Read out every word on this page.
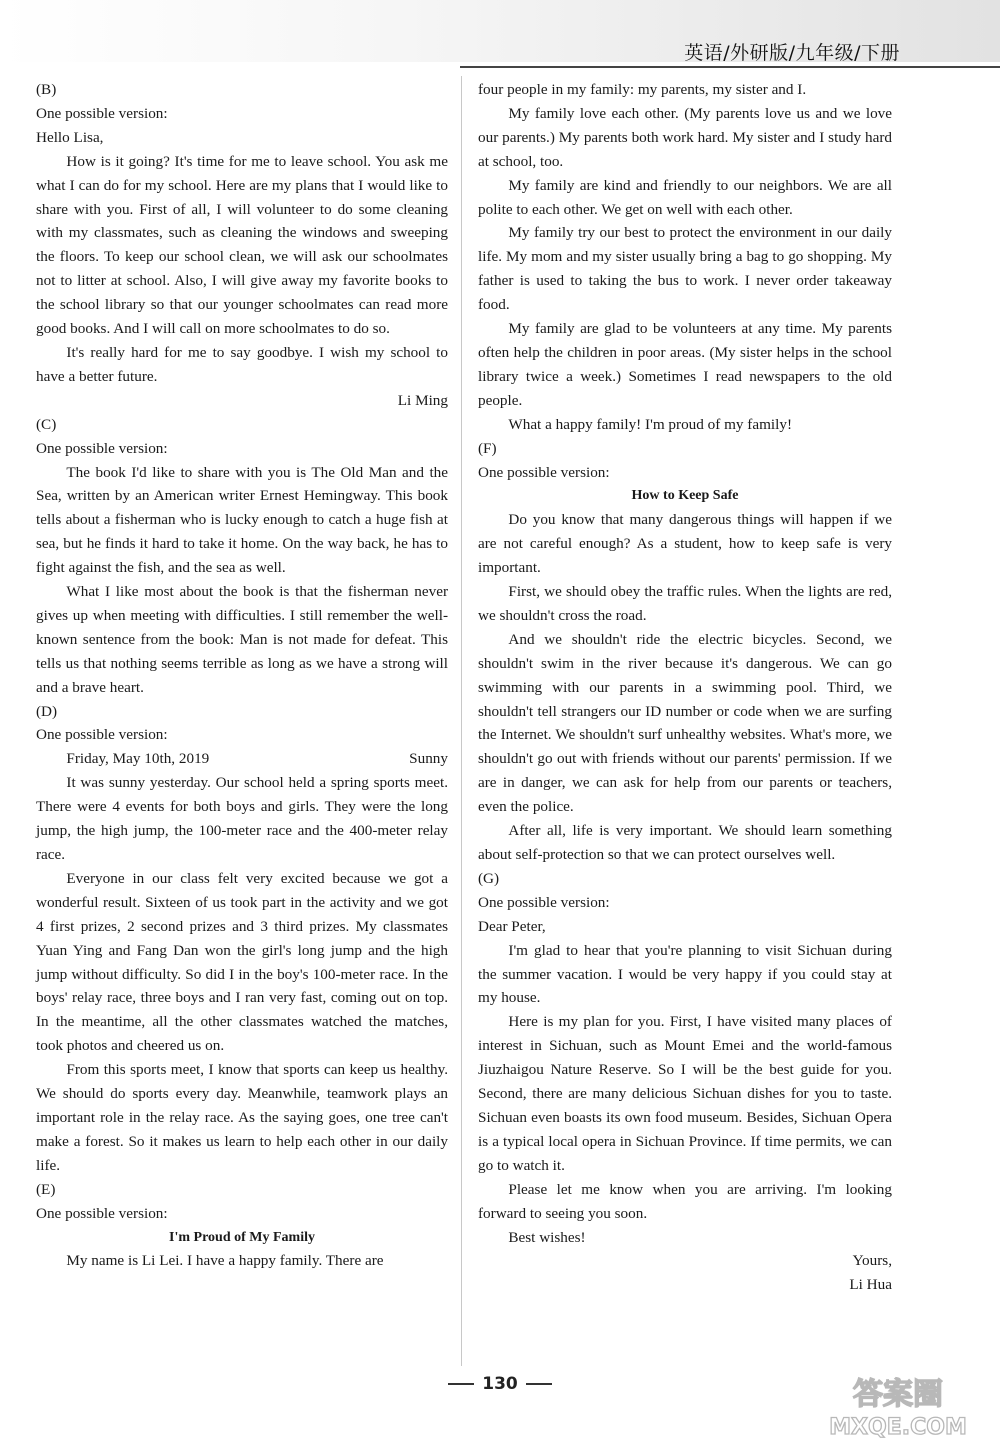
英语/外研版/九年级/下册

(B)

One possible version:

Hello Lisa,

How is it going? It's time for me to leave school. You ask me what I can do for my school. Here are my plans that I would like to share with you. First of all, I will volunteer to do some cleaning with my classmates, such as cleaning the windows and sweeping the floors. To keep our school clean, we will ask our schoolmates not to litter at school. Also, I will give away my favorite books to the school library so that our younger schoolmates can read more good books. And I will call on more schoolmates to do so.

It's really hard for me to say goodbye. I wish my school to have a better future.

Li Ming

(C)

One possible version:

The book I'd like to share with you is The Old Man and the Sea, written by an American writer Ernest Hemingway. This book tells about a fisherman who is lucky enough to catch a huge fish at sea, but he finds it hard to take it home. On the way back, he has to fight against the fish, and the sea as well.

What I like most about the book is that the fisherman never gives up when meeting with difficulties. I still remember the well-known sentence from the book: Man is not made for defeat. This tells us that nothing seems terrible as long as we have a strong will and a brave heart.

(D)

One possible version:

Friday, May 10th, 2019	Sunny

It was sunny yesterday. Our school held a spring sports meet. There were 4 events for both boys and girls. They were the long jump, the high jump, the 100-meter race and the 400-meter relay race.

Everyone in our class felt very excited because we got a wonderful result. Sixteen of us took part in the activity and we got 4 first prizes, 2 second prizes and 3 third prizes. My classmates Yuan Ying and Fang Dan won the girl's long jump and the high jump without difficulty. So did I in the boy's 100-meter race. In the boys' relay race, three boys and I ran very fast, coming out on top. In the meantime, all the other classmates watched the matches, took photos and cheered us on.

From this sports meet, I know that sports can keep us healthy. We should do sports every day. Meanwhile, teamwork plays an important role in the relay race. As the saying goes, one tree can't make a forest. So it makes us learn to help each other in our daily life.

(E)

One possible version:

I'm Proud of My Family

My name is Li Lei. I have a happy family. There are

four people in my family: my parents, my sister and I.

My family love each other. (My parents love us and we love our parents.) My parents both work hard. My sister and I study hard at school, too.

My family are kind and friendly to our neighbors. We are all polite to each other. We get on well with each other.

My family try our best to protect the environment in our daily life. My mom and my sister usually bring a bag to go shopping. My father is used to taking the bus to work. I never order takeaway food.

My family are glad to be volunteers at any time. My parents often help the children in poor areas. (My sister helps in the school library twice a week.) Sometimes I read newspapers to the old people.

What a happy family! I'm proud of my family!

(F)

One possible version:

How to Keep Safe

Do you know that many dangerous things will happen if we are not careful enough? As a student, how to keep safe is very important.

First, we should obey the traffic rules. When the lights are red, we shouldn't cross the road.

And we shouldn't ride the electric bicycles. Second, we shouldn't swim in the river because it's dangerous. We can go swimming with our parents in a swimming pool. Third, we shouldn't tell strangers our ID number or code when we are surfing the Internet. We shouldn't surf unhealthy websites. What's more, we shouldn't go out with friends without our parents' permission. If we are in danger, we can ask for help from our parents or teachers, even the police.

After all, life is very important. We should learn something about self-protection so that we can protect ourselves well.

(G)

One possible version:

Dear Peter,

I'm glad to hear that you're planning to visit Sichuan during the summer vacation. I would be very happy if you could stay at my house.

Here is my plan for you. First, I have visited many places of interest in Sichuan, such as Mount Emei and the world-famous Jiuzhaigou Nature Reserve. So I will be the best guide for you. Second, there are many delicious Sichuan dishes for you to taste. Sichuan even boasts its own food museum. Besides, Sichuan Opera is a typical local opera in Sichuan Province. If time permits, we can go to watch it.

Please let me know when you are arriving. I'm looking forward to seeing you soon.

Best wishes!

Yours,

Li Hua

130	答案圈
MXQE.COM
